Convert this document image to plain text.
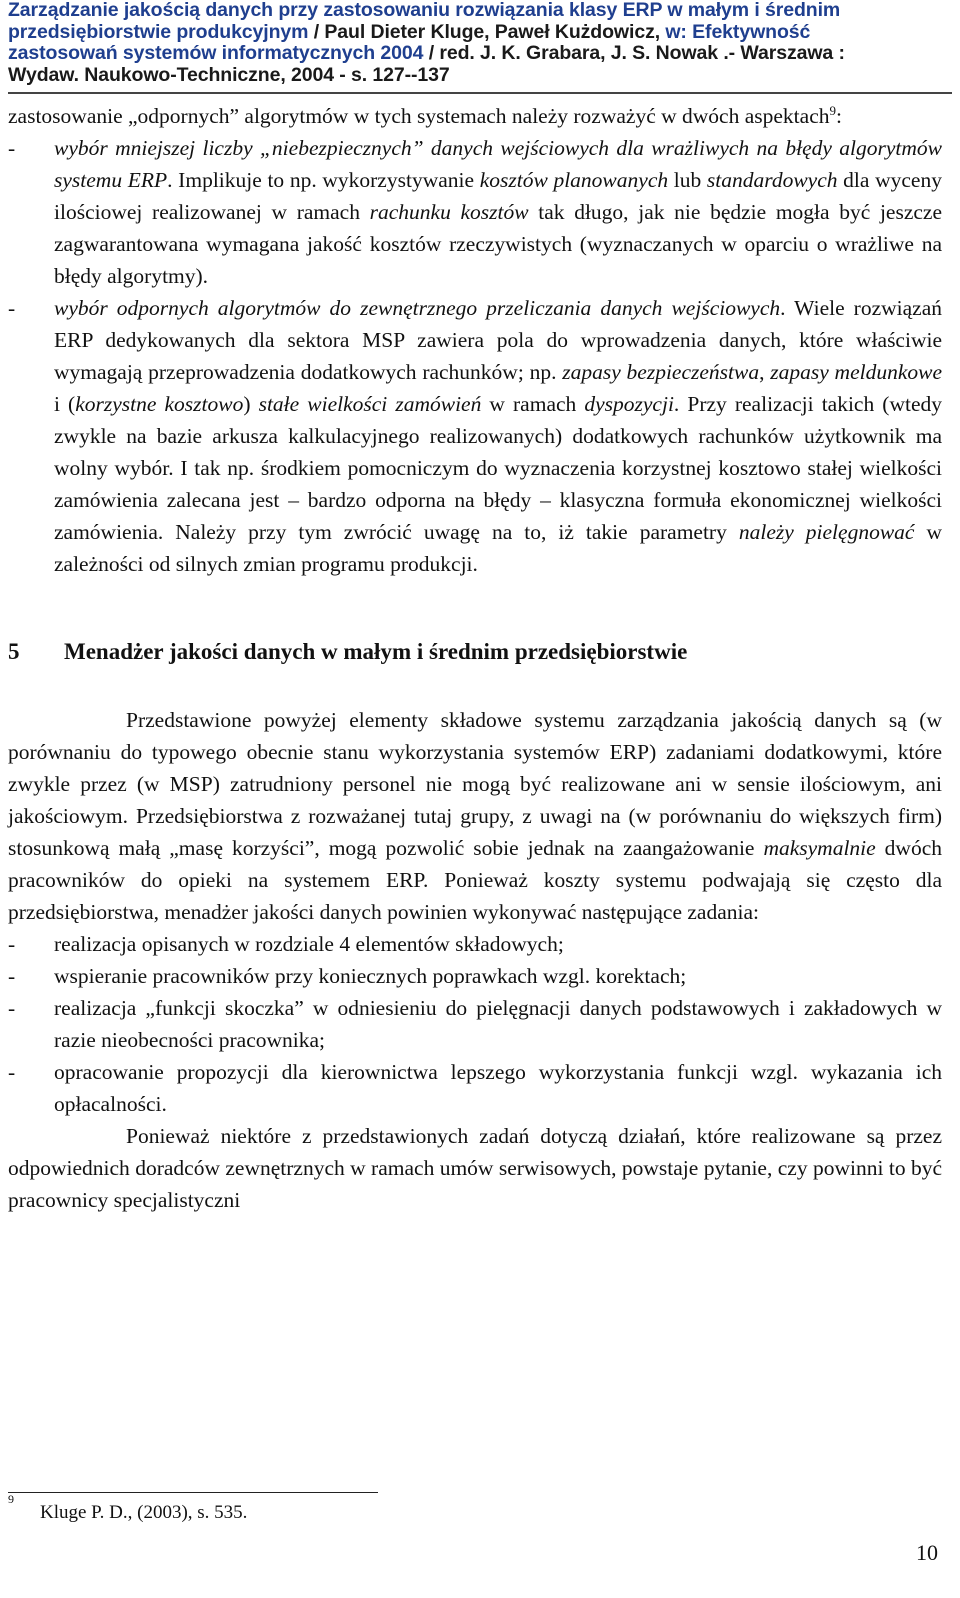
Zarządzanie jakością danych przy zastosowaniu rozwiązania klasy ERP w małym i średnim
przedsiębiorstwie produkcyjnym / Paul Dieter Kluge, Paweł Kużdowicz, w: Efektywność
zastosowań systemów informatycznych 2004 / red. J. K. Grabara, J. S. Nowak .- Warszawa :
Wydaw. Naukowo-Techniczne, 2004 - s. 127--137

zastosowanie „odpornych” algorytmów w tych systemach należy rozważyć w dwóch aspektach$^9$:

-	wybór mniejszej liczby „niebezpiecznych” danych wejściowych dla wrażliwych na błędy algorytmów systemu ERP. Implikuje to np. wykorzystywanie kosztów planowanych lub standardowych dla wyceny ilościowej realizowanej w ramach rachunku kosztów tak długo, jak nie będzie mogła być jeszcze zagwarantowana wymagana jakość kosztów rzeczywistych (wyznaczanych w oparciu o wrażliwe na błędy algorytmy).
-	wybór odpornych algorytmów do zewnętrznego przeliczania danych wejściowych. Wiele rozwiązań ERP dedykowanych dla sektora MSP zawiera pola do wprowadzenia danych, które właściwie wymagają przeprowadzenia dodatkowych rachunków; np. zapasy bezpieczeństwa, zapasy meldunkowe i (korzystne kosztowo) stałe wielkości zamówień w ramach dyspozycji. Przy realizacji takich (wtedy zwykle na bazie arkusza kalkulacyjnego realizowanych) dodatkowych rachunków użytkownik ma wolny wybór. I tak np. środkiem pomocniczym do wyznaczenia korzystnej kosztowo stałej wielkości zamówienia zalecana jest – bardzo odporna na błędy – klasyczna formuła ekonomicznej wielkości zamówienia. Należy przy tym zwrócić uwagę na to, iż takie parametry należy pielęgnować w zależności od silnych zmian programu produkcji.
5	Menadżer jakości danych w małym i średnim przedsiębiorstwie

Przedstawione powyżej elementy składowe systemu zarządzania jakością danych są (w porównaniu do typowego obecnie stanu wykorzystania systemów ERP) zadaniami dodatkowymi, które zwykle przez (w MSP) zatrudniony personel nie mogą być realizowane ani w sensie ilościowym, ani jakościowym. Przedsiębiorstwa z rozważanej tutaj grupy, z uwagi na (w porównaniu do większych firm) stosunkową małą „masę korzyści”, mogą pozwolić sobie jednak na zaangażowanie maksymalnie dwóch pracowników do opieki na systemem ERP. Ponieważ koszty systemu podwajają się często dla przedsiębiorstwa, menadżer jakości danych powinien wykonywać następujące zadania:

-	realizacja opisanych w rozdziale 4 elementów składowych;
-	wspieranie pracowników przy koniecznych poprawkach wzgl. korektach;
-	realizacja „funkcji skoczka” w odniesieniu do pielęgnacji danych podstawowych i zakładowych w razie nieobecności pracownika;
-	opracowanie propozycji dla kierownictwa lepszego wykorzystania funkcji wzgl. wykazania ich opłacalności.

Ponieważ niektóre z przedstawionych zadań dotyczą działań, które realizowane są przez odpowiednich doradców zewnętrznych w ramach umów serwisowych, powstaje pytanie, czy powinni to być pracownicy specjalistyczni

9
Kluge P. D., (2003), s. 535.
10
